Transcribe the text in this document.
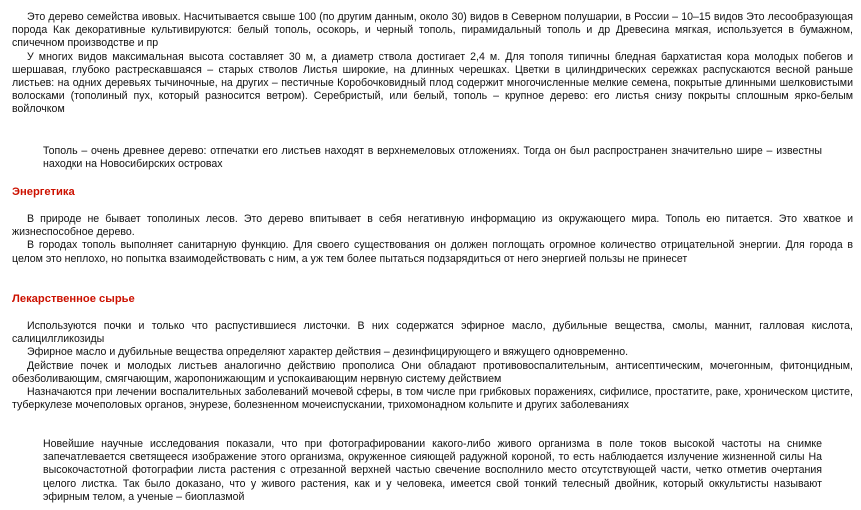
Это дерево семейства ивовых. Насчитывается свыше 100 (по другим данным, около 30) видов в Северном полушарии, в России – 10–15 видов Это лесообразующая порода Как декоративные культивируются: белый тополь, осокорь, и черный тополь, пирамидальный тополь и др Древесина мягкая, используется в бумажном, спичечном производстве и пр

У многих видов максимальная высота составляет 30 м, а диаметр ствола достигает 2,4 м. Для тополя типичны бледная бархатистая кора молодых побегов и шершавая, глубоко растрескавшаяся – старых стволов Листья широкие, на длинных черешках. Цветки в цилиндрических сережках распускаются весной раньше листьев: на одних деревьях тычиночные, на других – пестичные Коробочковидный плод содержит многочисленные мелкие семена, покрытые длинными шелковистыми волосками (тополиный пух, который разносится ветром). Серебристый, или белый, тополь – крупное дерево: его листья снизу покрыты сплошным ярко-белым войлочком

Тополь – очень древнее дерево: отпечатки его листьев находят в верхнемеловых отложениях. Тогда он был распространен значительно шире – известны находки на Новосибирских островах

Энергетика

В природе не бывает тополиных лесов. Это дерево впитывает в себя негативную информацию из окружающего мира. Тополь ею питается. Это хваткое и жизнеспособное дерево.

В городах тополь выполняет санитарную функцию. Для своего существования он должен поглощать огромное количество отрицательной энергии. Для города в целом это неплохо, но попытка взаимодействовать с ним, а уж тем более пытаться подзарядиться от него энергией пользы не принесет

Лекарственное сырье

Используются почки и только что распустившиеся листочки. В них содержатся эфирное масло, дубильные вещества, смолы, маннит, галловая кислота, салицилгликозиды

Эфирное масло и дубильные вещества определяют характер действия – дезинфицирующего и вяжущего одновременно.

Действие почек и молодых листьев аналогично действию прополиса Они обладают противовоспалительным, антисептическим, мочегонным, фитонцидным, обезболивающим, смягчающим, жаропонижающим и успокаивающим нервную систему действием

Назначаются при лечении воспалительных заболеваний мочевой сферы, в том числе при грибковых поражениях, сифилисе, простатите, раке, хроническом цистите, туберкулезе мочеполовых органов, энурезе, болезненном мочеиспускании, трихомонадном кольпите и других заболеваниях

Новейшие научные исследования показали, что при фотографировании какого-либо живого организма в поле токов высокой частоты на снимке запечатлевается светящееся изображение этого организма, окруженное сияющей радужной короной, то есть наблюдается излучение жизненной силы На высокочастотной фотографии листа растения с отрезанной верхней частью свечение восполнило место отсутствующей части, четко отметив очертания целого листка. Так было доказано, что у живого растения, как и у человека, имеется свой тонкий телесный двойник, который оккультисты называют эфирным телом, а ученые – биоплазмой
